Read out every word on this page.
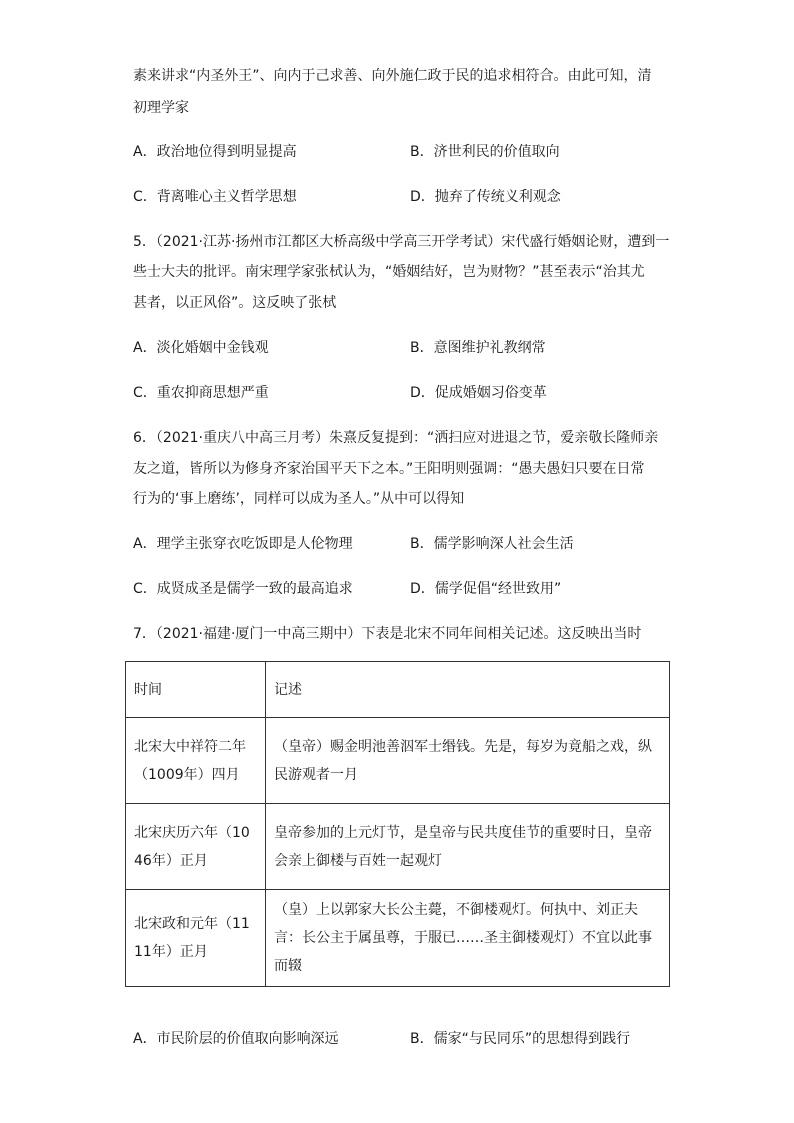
素来讲求“内圣外王”、向内于己求善、向外施仁政于民的追求相符合。由此可知，清
初理学家
A．政治地位得到明显提高	B．济世利民的价值取向
C．背离唯心主义哲学思想	D．抛弃了传统义利观念
5．（2021·江苏·扬州市江都区大桥高级中学高三开学考试）宋代盛行婚姻论财，遭到一
些士大夫的批评。南宋理学家张栻认为，“婚姻结好，岂为财物？”甚至表示“治其尤
甚者，以正风俗”。这反映了张栻
A．淡化婚姻中金钱观	B．意图维护礼教纲常
C．重农抑商思想严重	D．促成婚姻习俗变革
6．（2021·重庆八中高三月考）朱熹反复提到：“洒扫应对进退之节，爱亲敬长隆师亲
友之道，皆所以为修身齐家治国平天下之本。”王阳明则强调：“愚夫愚妇只要在日常
行为的‘事上磨练’，同样可以成为圣人。”从中可以得知
A．理学主张穿衣吃饭即是人伦物理	B．儒学影响深人社会生活
C．成贤成圣是儒学一致的最高追求	D．儒学促倡“经世致用”
7．（2021·福建·厦门一中高三期中）下表是北宋不同年间相关记述。这反映出当时
时间	记述

北宋大中祥符二年（1009年）四月	（皇帝）赐金明池善泅军士缗钱。先是，每岁为竟船之戏，纵民游观者一月

北宋庆历六年（1046年）正月	皇帝参加的上元灯节，是皇帝与民共度佳节的重要时日，皇帝会亲上御楼与百姓一起观灯

北宋政和元年（1111年）正月	（皇）上以郭家大长公主薨，不御楼观灯。何执中、刘正夫言：长公主于属虽尊，于服已……圣主御楼观灯）不宜以此事而辍
A．市民阶层的价值取向影响深远	B．儒家“与民同乐”的思想得到践行
